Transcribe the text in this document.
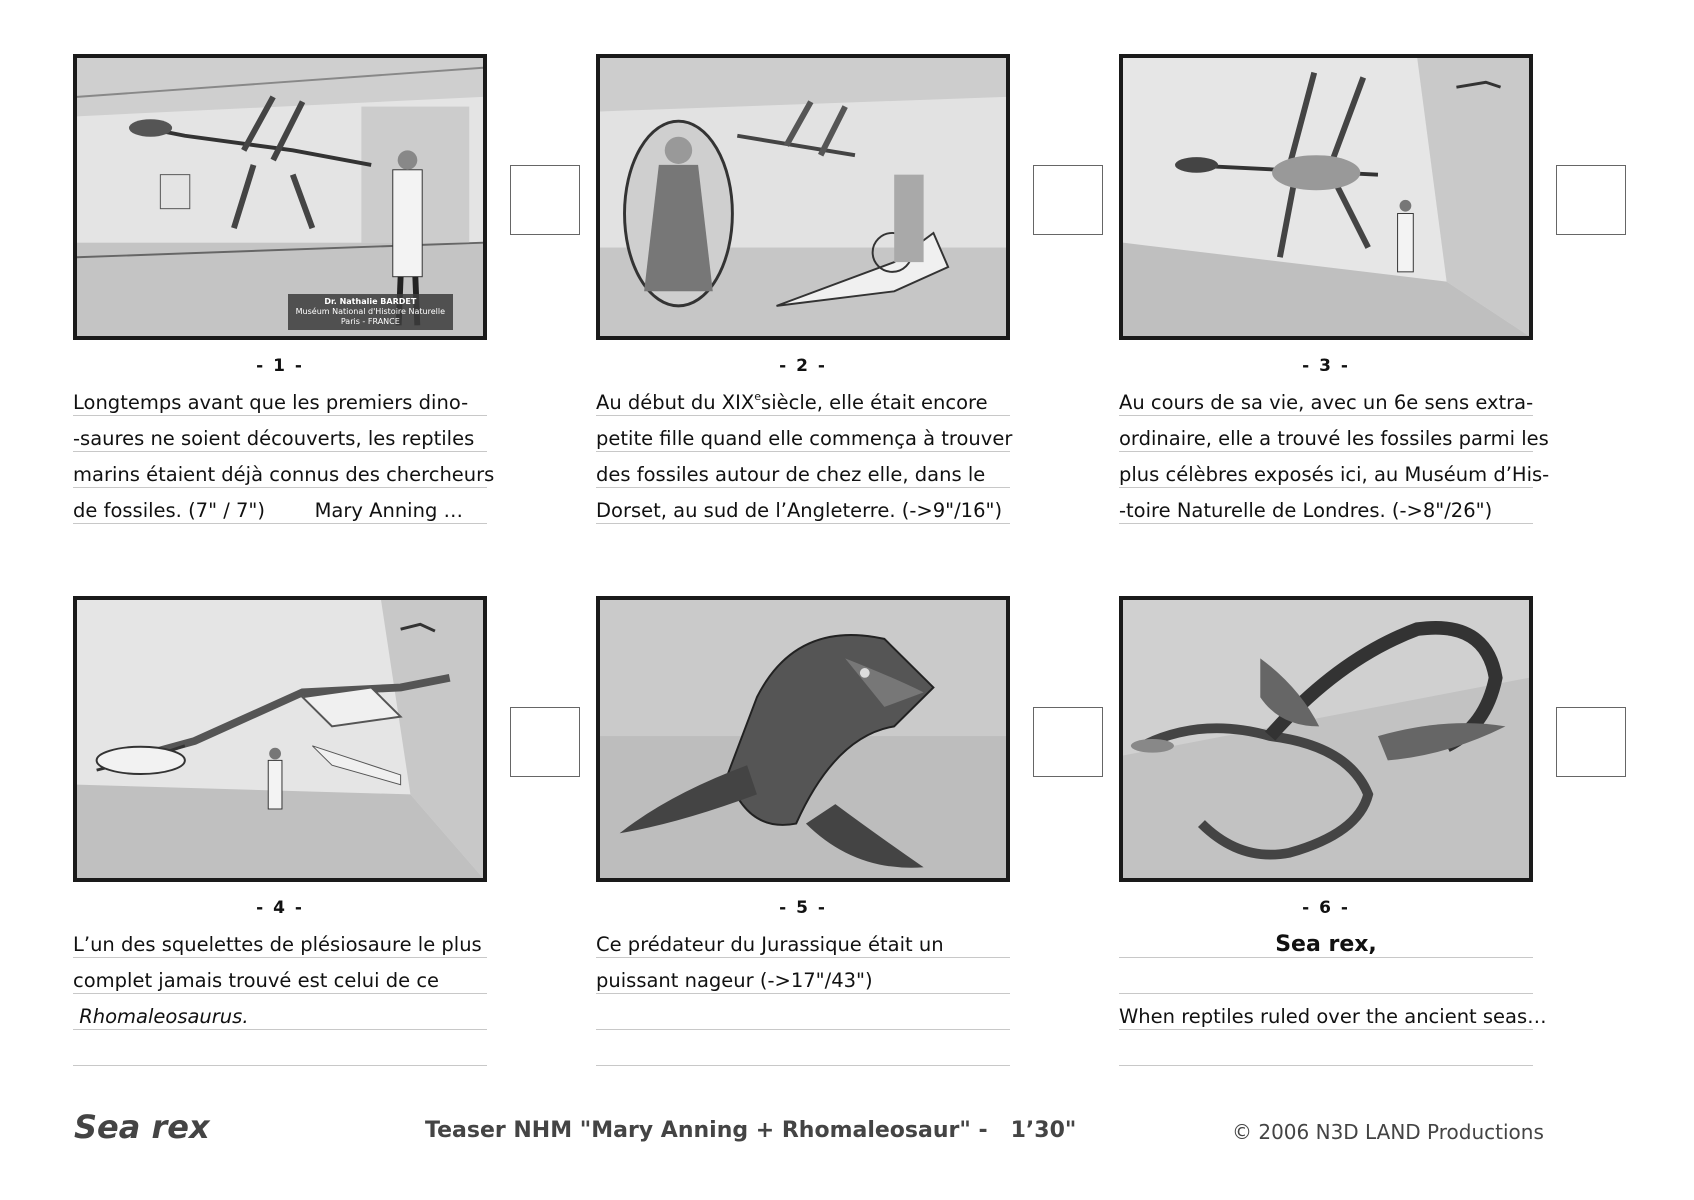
Dr. Nathalie BARDET
Muséum National d'Histoire Naturelle
Paris - FRANCE
- 1 -
Longtemps avant que les premiers dino-
-saures ne soient découverts, les reptiles
marins étaient déjà connus des chercheurs
de fossiles. (7" / 7")        Mary Anning …
- 2 -
Au début du XIXesiècle, elle était encore
petite fille quand elle commença à trouver
des fossiles autour de chez elle, dans le
Dorset, au sud de l’Angleterre. (->9"/16")
- 3 -
Au cours de sa vie, avec un 6e sens extra-
ordinaire, elle a trouvé les fossiles parmi les
plus célèbres exposés ici, au Muséum d’His-
-toire Naturelle de Londres. (->8"/26")
- 4 -
L’un des squelettes de plésiosaure le plus
complet jamais trouvé est celui de ce
Rhomaleosaurus.
- 5 -
Ce prédateur du Jurassique était un
puissant nageur (->17"/43")
- 6 -
Sea rex,
When reptiles ruled over the ancient seas…
Sea rex	Teaser NHM "Mary Anning + Rhomaleosaur" -   1’30"	© 2006 N3D LAND Productions
